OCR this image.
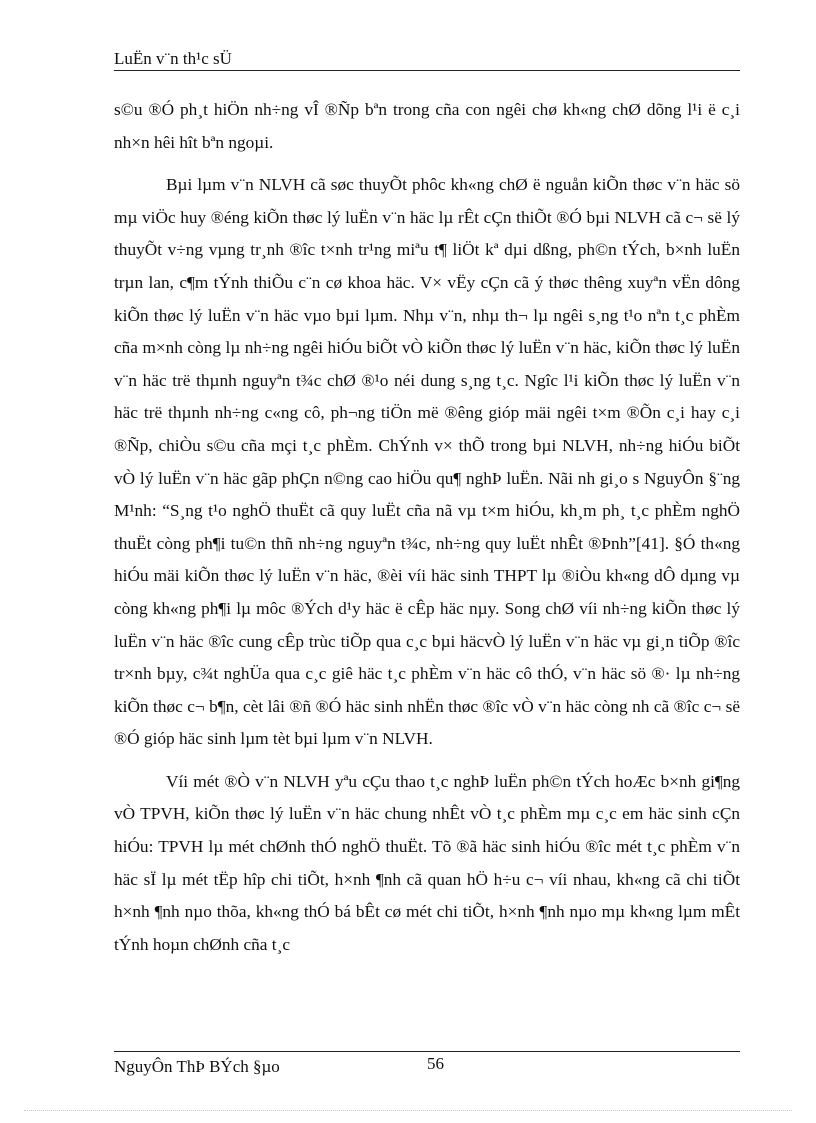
LuËn v¨n th¹c sÜ

s©u ®Ó ph¸t hiÖn nh÷ng vÎ ®Ñp bªn trong cña con ngêi chø kh«ng chØ dõng l¹i ë c¸i nh×n hêi hît bªn ngoµi.

Bµi lµm v¨n NLVH cã søc thuyÕt phôc kh«ng chØ ë nguån kiÕn thøc v¨n häc sö mµ viÖc huy ®éng kiÕn thøc lý luËn v¨n häc lµ rÊt cÇn thiÕt ®Ó bµi NLVH cã c¬ së lý thuyÕt v÷ng vµng tr¸nh ®îc t×nh tr¹ng miªu t¶ liÖt kª dµi dßng, ph©n tÝch, b×nh luËn trµn lan, c¶m tÝnh thiÕu c¨n cø khoa häc. V× vËy cÇn cã ý thøc thêng xuyªn vËn dông kiÕn thøc lý luËn v¨n häc vµo bµi lµm. Nhµ v¨n, nhµ th¬ lµ ngêi s¸ng t¹o nªn t¸c phÈm cña m×nh còng lµ nh÷ng ngêi hiÓu biÕt vÒ kiÕn thøc lý luËn v¨n häc, kiÕn thøc lý luËn v¨n häc trë thµnh nguyªn t¾c chØ ®¹o néi dung s¸ng t¸c. Ngîc l¹i kiÕn thøc lý luËn v¨n häc trë thµnh nh÷ng c«ng cô, ph¬ng tiÖn më ®êng gióp mäi ngêi t×m ®Õn c¸i hay c¸i ®Ñp, chiÒu s©u cña mçi t¸c phÈm. ChÝnh v× thÕ trong bµi NLVH, nh÷ng hiÓu biÕt vÒ lý luËn v¨n häc gãp phÇn n©ng cao hiÖu qu¶ nghÞ luËn. Nãi nh gi¸o s NguyÔn §¨ng M¹nh: “S¸ng t¹o nghÖ thuËt cã quy luËt cña nã vµ t×m hiÓu, kh¸m ph¸ t¸c phÈm nghÖ thuËt còng ph¶i tu©n thñ nh÷ng nguyªn t¾c, nh÷ng quy luËt nhÊt ®Þnh”[41]. §Ó th«ng hiÓu mäi kiÕn thøc lý luËn v¨n häc, ®èi víi häc sinh THPT lµ ®iÒu kh«ng dÔ dµng vµ còng kh«ng ph¶i lµ môc ®Ých d¹y häc ë cÊp häc nµy. Song chØ víi nh÷ng kiÕn thøc lý luËn v¨n häc ®îc cung cÊp trùc tiÕp qua c¸c bµi häcvÒ lý luËn v¨n häc vµ gi¸n tiÕp ®îc tr×nh bµy, c¾t nghÜa qua c¸c giê häc t¸c phÈm v¨n häc cô thÓ, v¨n häc sö ®· lµ nh÷ng kiÕn thøc c¬ b¶n, cèt lâi ®ñ ®Ó häc sinh nhËn thøc ®îc vÒ v¨n häc còng nh cã ®îc c¬ së ®Ó gióp häc sinh lµm tèt bµi lµm v¨n NLVH.

Víi mét ®Ò v¨n NLVH yªu cÇu thao t¸c nghÞ luËn ph©n tÝch hoÆc b×nh gi¶ng vÒ TPVH, kiÕn thøc lý luËn v¨n häc chung nhÊt vÒ t¸c phÈm mµ c¸c em häc sinh cÇn hiÓu: TPVH lµ mét chØnh thÓ nghÖ thuËt. Tõ ®ã häc sinh hiÓu ®îc mét t¸c phÈm v¨n häc sÏ lµ mét tËp hîp chi tiÕt, h×nh ¶nh cã quan hÖ h÷u c¬ víi nhau, kh«ng cã chi tiÕt h×nh ¶nh nµo thõa, kh«ng thÓ bá bÊt cø mét chi tiÕt, h×nh ¶nh nµo mµ kh«ng lµm mÊt tÝnh hoµn chØnh cña t¸c

NguyÔn ThÞ BÝch §µo	56
